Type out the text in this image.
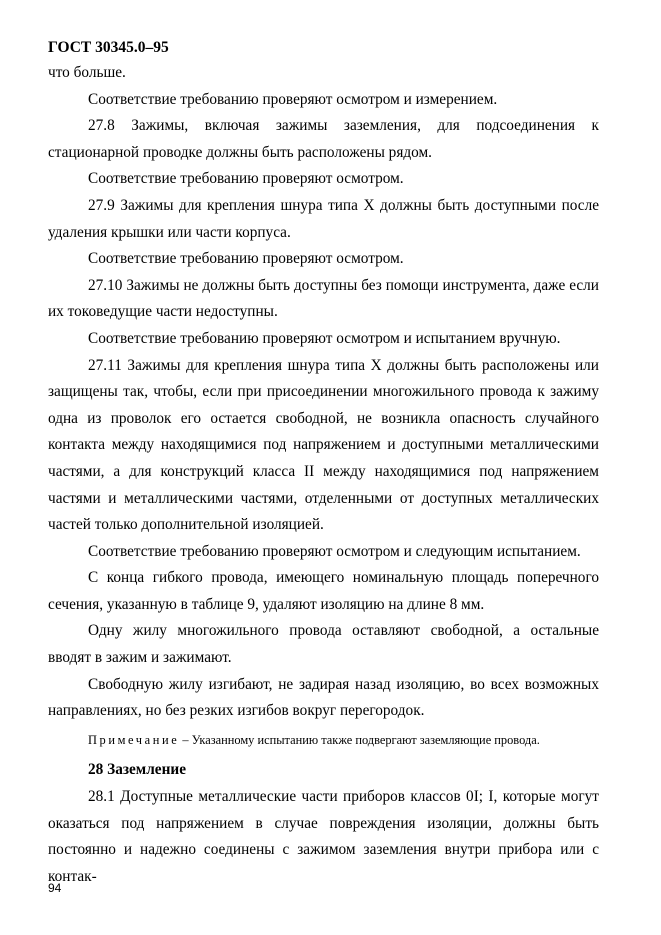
ГОСТ 30345.0–95

что больше.

Соответствие требованию проверяют осмотром и измерением.

27.8 Зажимы, включая зажимы заземления, для подсоединения к стационарной проводке должны быть расположены рядом.

Соответствие требованию проверяют осмотром.

27.9 Зажимы для крепления шнура типа X должны быть доступными после удаления крышки или части корпуса.

Соответствие требованию проверяют осмотром.

27.10 Зажимы не должны быть доступны без помощи инструмента, даже если их токоведущие части недоступны.

Соответствие требованию проверяют осмотром и испытанием вручную.

27.11 Зажимы для крепления шнура типа X должны быть расположены или защищены так, чтобы, если при присоединении многожильного провода к зажиму одна из проволок его остается свободной, не возникла опасность случайного контакта между находящимися под напряжением и доступными металлическими частями, а для конструкций класса II между находящимися под напряжением частями и металлическими частями, отделенными от доступных металлических частей только дополнительной изоляцией.

Соответствие требованию проверяют осмотром и следующим испытанием.

С конца гибкого провода, имеющего номинальную площадь поперечного сечения, указанную в таблице 9, удаляют изоляцию на длине 8 мм.

Одну жилу многожильного провода оставляют свободной, а остальные вводят в зажим и зажимают.

Свободную жилу изгибают, не задирая назад изоляцию, во всех возможных направлениях, но без резких изгибов вокруг перегородок.

Примечание – Указанному испытанию также подвергают заземляющие провода.

28 Заземление

28.1 Доступные металлические части приборов классов 0I; I, которые могут оказаться под напряжением в случае повреждения изоляции, должны быть постоянно и надежно соединены с зажимом заземления внутри прибора или с контак-

94
